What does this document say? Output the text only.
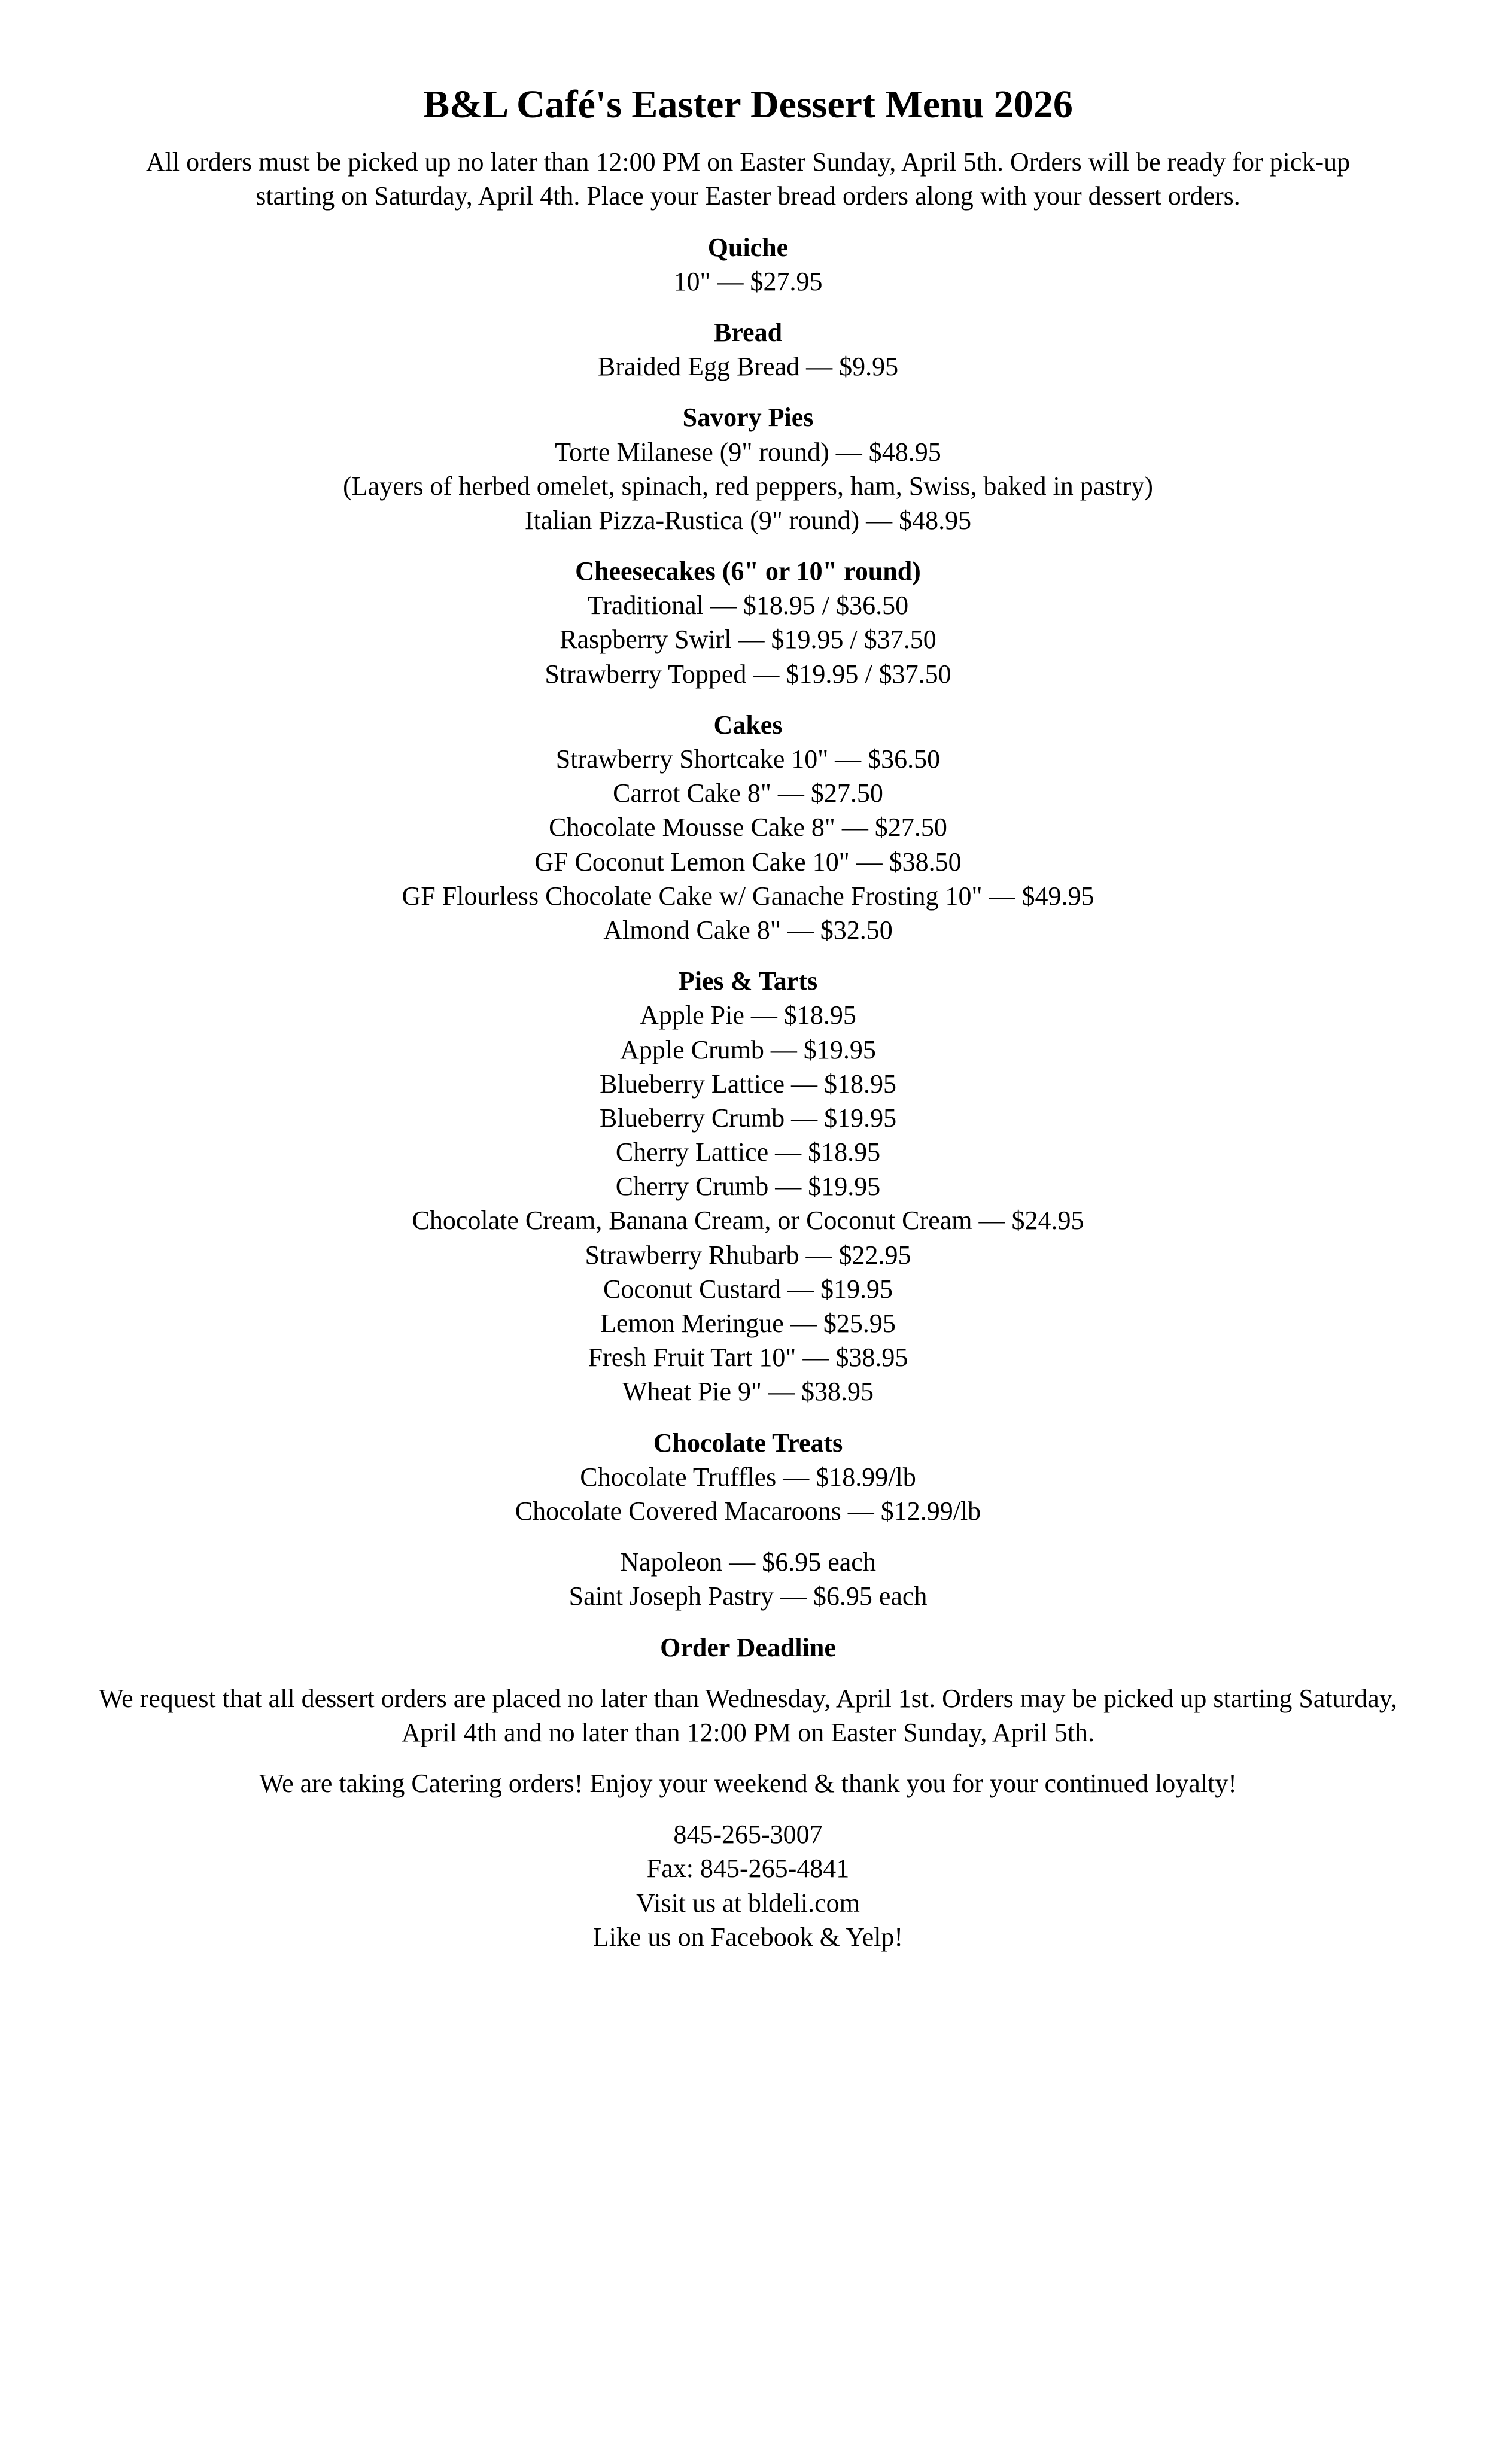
B&L Café's Easter Dessert Menu 2026
All orders must be picked up no later than 12:00 PM on Easter Sunday, April 5th. Orders will be ready for pick-up starting on Saturday, April 4th. Place your Easter bread orders along with your dessert orders.
Quiche
10" — $27.95
Bread
Braided Egg Bread — $9.95
Savory Pies
Torte Milanese (9" round) — $48.95
(Layers of herbed omelet, spinach, red peppers, ham, Swiss, baked in pastry)
Italian Pizza-Rustica (9" round) — $48.95
Cheesecakes (6" or 10" round)
Traditional — $18.95 / $36.50
Raspberry Swirl — $19.95 / $37.50
Strawberry Topped — $19.95 / $37.50
Cakes
Strawberry Shortcake 10" — $36.50
Carrot Cake 8" — $27.50
Chocolate Mousse Cake 8" — $27.50
GF Coconut Lemon Cake 10" — $38.50
GF Flourless Chocolate Cake w/ Ganache Frosting 10" — $49.95
Almond Cake 8" — $32.50
Pies & Tarts
Apple Pie — $18.95
Apple Crumb — $19.95
Blueberry Lattice — $18.95
Blueberry Crumb — $19.95
Cherry Lattice — $18.95
Cherry Crumb — $19.95
Chocolate Cream, Banana Cream, or Coconut Cream — $24.95
Strawberry Rhubarb — $22.95
Coconut Custard — $19.95
Lemon Meringue — $25.95
Fresh Fruit Tart 10" — $38.95
Wheat Pie 9" — $38.95
Chocolate Treats
Chocolate Truffles — $18.99/lb
Chocolate Covered Macaroons — $12.99/lb
Napoleon — $6.95 each
Saint Joseph Pastry — $6.95 each
Order Deadline
We request that all dessert orders are placed no later than Wednesday, April 1st. Orders may be picked up starting Saturday, April 4th and no later than 12:00 PM on Easter Sunday, April 5th.
We are taking Catering orders! Enjoy your weekend & thank you for your continued loyalty!
845-265-3007
Fax: 845-265-4841
Visit us at bldeli.com
Like us on Facebook & Yelp!
